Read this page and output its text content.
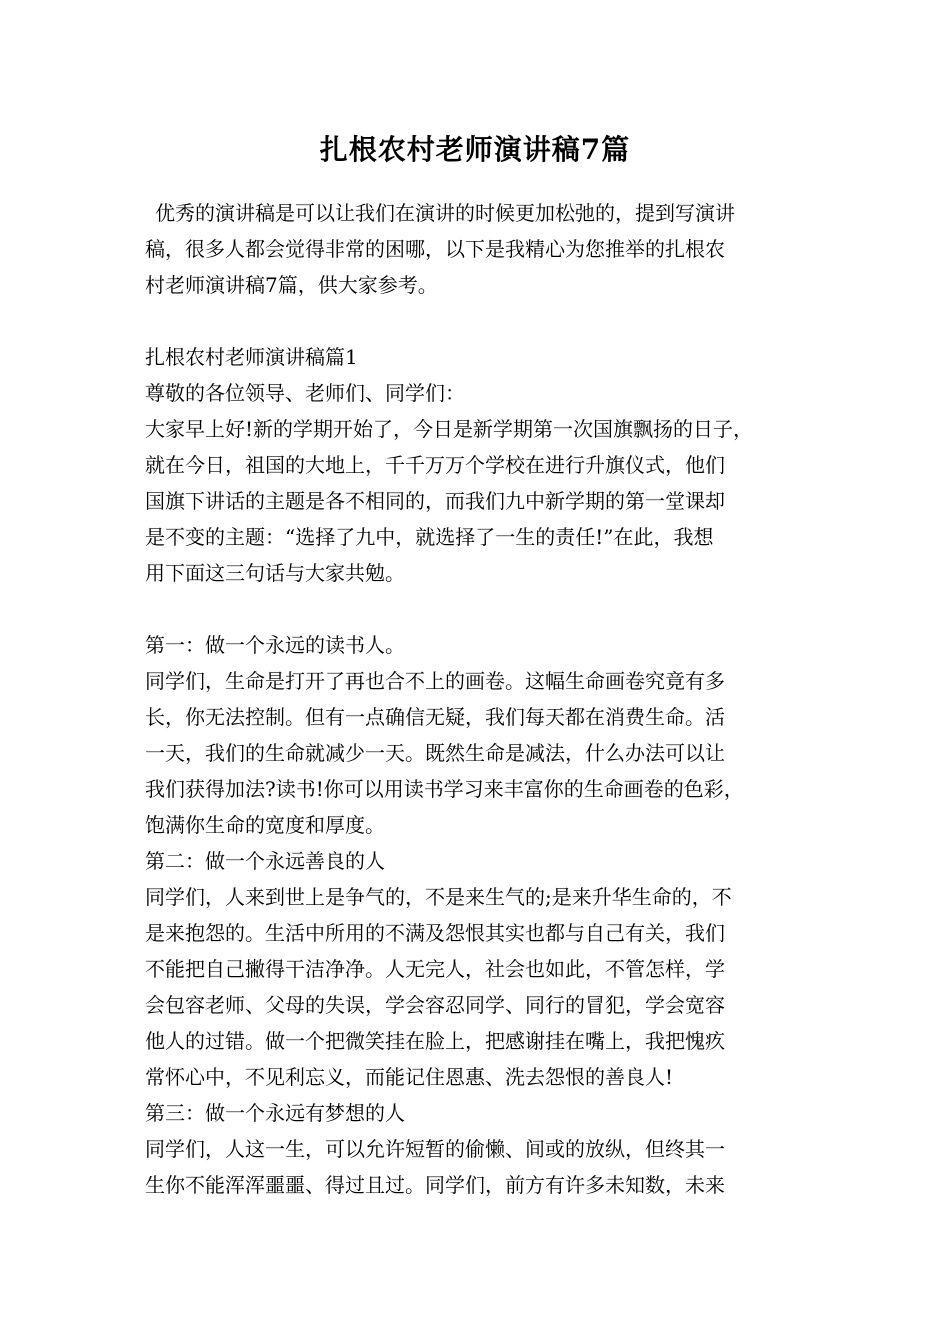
扎根农村老师演讲稿7篇
优秀的演讲稿是可以让我们在演讲的时候更加松弛的，提到写演讲
稿，很多人都会觉得非常的困哪，以下是我精心为您推举的扎根农
村老师演讲稿7篇，供大家参考。
扎根农村老师演讲稿篇1
尊敬的各位领导、老师们、同学们：
大家早上好!新的学期开始了，今日是新学期第一次国旗飘扬的日子，
就在今日，祖国的大地上，千千万万个学校在进行升旗仪式，他们
国旗下讲话的主题是各不相同的，而我们九中新学期的第一堂课却
是不变的主题：“选择了九中，就选择了一生的责任!”在此，我想
用下面这三句话与大家共勉。
第一：做一个永远的读书人。
同学们，生命是打开了再也合不上的画卷。这幅生命画卷究竟有多
长，你无法控制。但有一点确信无疑，我们每天都在消费生命。活
一天，我们的生命就减少一天。既然生命是减法，什么办法可以让
我们获得加法?读书!你可以用读书学习来丰富你的生命画卷的色彩，
饱满你生命的宽度和厚度。
第二：做一个永远善良的人
同学们，人来到世上是争气的，不是来生气的;是来升华生命的，不
是来抱怨的。生活中所用的不满及怨恨其实也都与自己有关，我们
不能把自己撇得干洁净净。人无完人，社会也如此，不管怎样，学
会包容老师、父母的失误，学会容忍同学、同行的冒犯，学会宽容
他人的过错。做一个把微笑挂在脸上，把感谢挂在嘴上，我把愧疚
常怀心中，不见利忘义，而能记住恩惠、洗去怨恨的善良人!
第三：做一个永远有梦想的人
同学们，人这一生，可以允许短暂的偷懒、间或的放纵，但终其一
生你不能浑浑噩噩、得过且过。同学们，前方有许多未知数，未来
